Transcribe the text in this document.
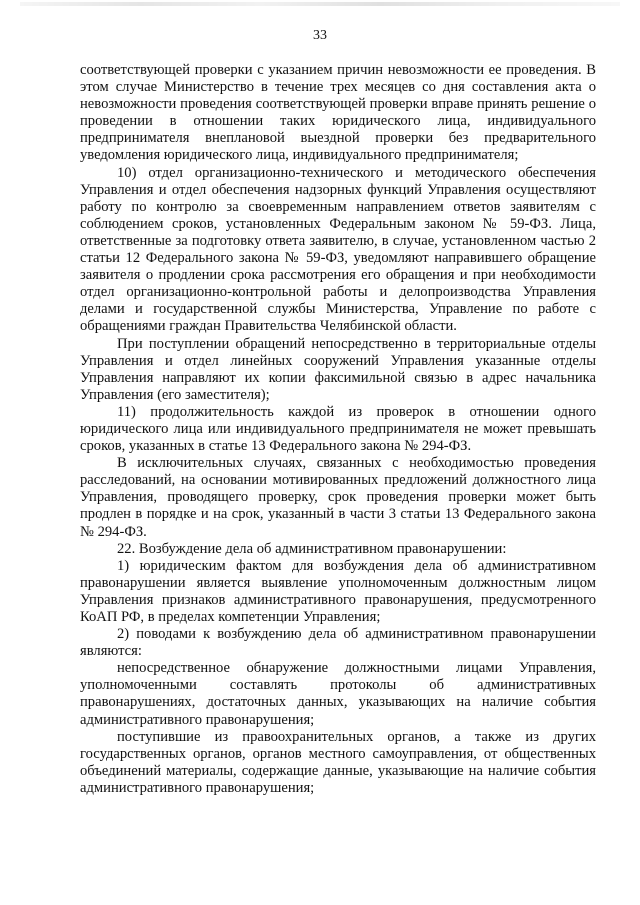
33

соответствующей проверки с указанием причин невозможности ее проведения. В этом случае Министерство в течение трех месяцев со дня составления акта о невозможности проведения соответствующей проверки вправе принять решение о проведении в отношении таких юридического лица, индивидуального предпринимателя внеплановой выездной проверки без предварительного уведомления юридического лица, индивидуального предпринимателя;

10) отдел организационно-технического и методического обеспечения Управления и отдел обеспечения надзорных функций Управления осуществляют работу по контролю за своевременным направлением ответов заявителям с соблюдением сроков, установленных Федеральным законом № 59-ФЗ. Лица, ответственные за подготовку ответа заявителю, в случае, установленном частью 2 статьи 12 Федерального закона № 59-ФЗ, уведомляют направившего обращение заявителя о продлении срока рассмотрения его обращения и при необходимости отдел организационно-контрольной работы и делопроизводства Управления делами и государственной службы Министерства, Управление по работе с обращениями граждан Правительства Челябинской области.

При поступлении обращений непосредственно в территориальные отделы Управления и отдел линейных сооружений Управления указанные отделы Управления направляют их копии факсимильной связью в адрес начальника Управления (его заместителя);

11) продолжительность каждой из проверок в отношении одного юридического лица или индивидуального предпринимателя не может превышать сроков, указанных в статье 13 Федерального закона № 294-ФЗ.

В исключительных случаях, связанных с необходимостью проведения расследований, на основании мотивированных предложений должностного лица Управления, проводящего проверку, срок проведения проверки может быть продлен в порядке и на срок, указанный в части 3 статьи 13 Федерального закона № 294-ФЗ.

22. Возбуждение дела об административном правонарушении:

1) юридическим фактом для возбуждения дела об административном правонарушении является выявление уполномоченным должностным лицом Управления признаков административного правонарушения, предусмотренного КоАП РФ, в пределах компетенции Управления;

2) поводами к возбуждению дела об административном правонарушении являются:

непосредственное обнаружение должностными лицами Управления, уполномоченными составлять протоколы об административных правонарушениях, достаточных данных, указывающих на наличие события административного правонарушения;

поступившие из правоохранительных органов, а также из других государственных органов, органов местного самоуправления, от общественных объединений материалы, содержащие данные, указывающие на наличие события административного правонарушения;
